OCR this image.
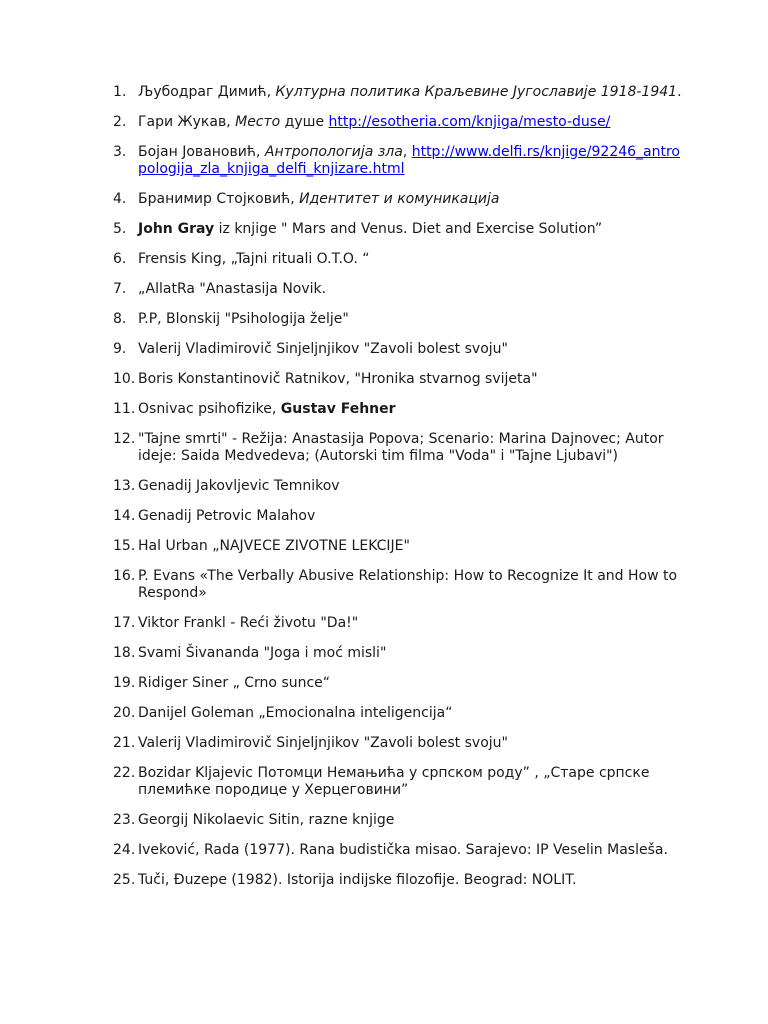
1. Љубодраг Димић, Културна политика Краљевине Југославије 1918-1941.
2. Гари Жукав, Место душе http://esotheria.com/knjiga/mesto-duse/
3. Бојан Јовановић, Антропологија зла, http://www.delfi.rs/knjige/92246_antropologija_zla_knjiga_delfi_knjizare.html
4. Бранимир Стојковић, Идентитет и комуникација
5. John Gray iz knjige " Mars and Venus. Diet and Exercise Solution”
6. Frensis King, „Tajni rituali O.T.O. “
7. „AllatRa "Anastasija Novik.
8. P.P, Blonskij "Psihologija želje"
9. Valerij Vladimirovič Sinjeljnjikov "Zavoli bolest svoju"
10. Boris Konstantinovič Ratnikov, "Hronika stvarnog svijeta"
11. Osnivac psihofizike, Gustav Fehner
12. "Tajne smrti" - Režija: Anastasija Popova; Scenario: Marina Dajnovec; Autor ideje: Saida Medvedeva; (Autorski tim filma "Voda" i "Tajne Ljubavi")
13. Genadij Jakovljevic Temnikov
14. Genadij Petrovic Malahov
15. Hal Urban „NAJVECE ZIVOTNE LEKCIJE"
16. P. Evans «The Verbally Abusive Relationship: How to Recognize It and How to Respond»
17. Viktor Frankl - Reći životu "Da!"
18. Svami Šivananda "Joga i moć misli"
19. Ridiger Siner „ Crno sunce“
20. Danijel Goleman „Emocionalna inteligencija“
21. Valerij Vladimirovič Sinjeljnjikov "Zavoli bolest svoju"
22. Bozidar Kljajevic Потомци Немањића у српском роду” , „Старе српске племићке породице у Херцеговини”
23. Georgij Nikolaevic Sitin, razne knjige
24. Iveković, Rada (1977). Rana budistička misao. Sarajevo: IP Veselin Masleša.
25. Tuči, Đuzepe (1982). Istorija indijske filozofije. Beograd: NOLIT.
